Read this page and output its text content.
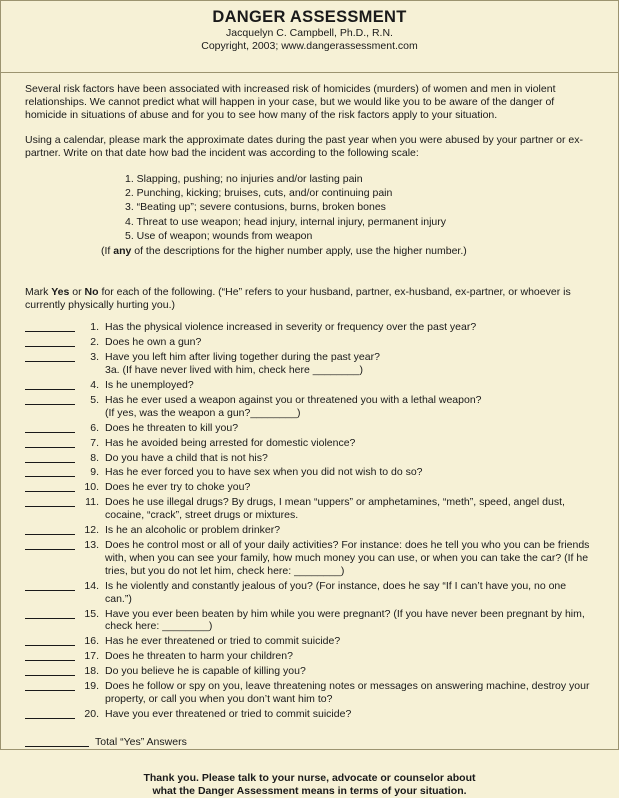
DANGER ASSESSMENT
Jacquelyn C. Campbell, Ph.D., R.N.
Copyright, 2003; www.dangerassessment.com

Several risk factors have been associated with increased risk of homicides (murders) of women and men in violent relationships. We cannot predict what will happen in your case, but we would like you to be aware of the danger of homicide in situations of abuse and for you to see how many of the risk factors apply to your situation.

Using a calendar, please mark the approximate dates during the past year when you were abused by your partner or ex-partner. Write on that date how bad the incident was according to the following scale:

1. Slapping, pushing; no injuries and/or lasting pain
2. Punching, kicking; bruises, cuts, and/or continuing pain
3. “Beating up”; severe contusions, burns, broken bones
4. Threat to use weapon; head injury, internal injury, permanent injury
5. Use of weapon; wounds from weapon

(If any of the descriptions for the higher number apply, use the higher number.)

Mark Yes or No for each of the following. (“He” refers to your husband, partner, ex-husband, ex-partner, or whoever is currently physically hurting you.)

1. Has the physical violence increased in severity or frequency over the past year?
2. Does he own a gun?
3. Have you left him after living together during the past year?
3a. (If have never lived with him, check here ________)
4. Is he unemployed?
5. Has he ever used a weapon against you or threatened you with a lethal weapon?
(If yes, was the weapon a gun?________)
6. Does he threaten to kill you?
7. Has he avoided being arrested for domestic violence?
8. Do you have a child that is not his?
9. Has he ever forced you to have sex when you did not wish to do so?
10. Does he ever try to choke you?
11. Does he use illegal drugs? By drugs, I mean “uppers” or amphetamines, “meth”, speed, angel dust, cocaine, “crack”, street drugs or mixtures.
12. Is he an alcoholic or problem drinker?
13. Does he control most or all of your daily activities? For instance: does he tell you who you can be friends with, when you can see your family, how much money you can use, or when you can take the car? (If he tries, but you do not let him, check here: ________)
14. Is he violently and constantly jealous of you? (For instance, does he say “If I can’t have you, no one can.”)
15. Have you ever been beaten by him while you were pregnant? (If you have never been pregnant by him, check here: ________)
16. Has he ever threatened or tried to commit suicide?
17. Does he threaten to harm your children?
18. Do you believe he is capable of killing you?
19. Does he follow or spy on you, leave threatening notes or messages on answering machine, destroy your property, or call you when you don’t want him to?
20. Have you ever threatened or tried to commit suicide?
Total “Yes” Answers
Thank you. Please talk to your nurse, advocate or counselor about
what the Danger Assessment means in terms of your situation.
